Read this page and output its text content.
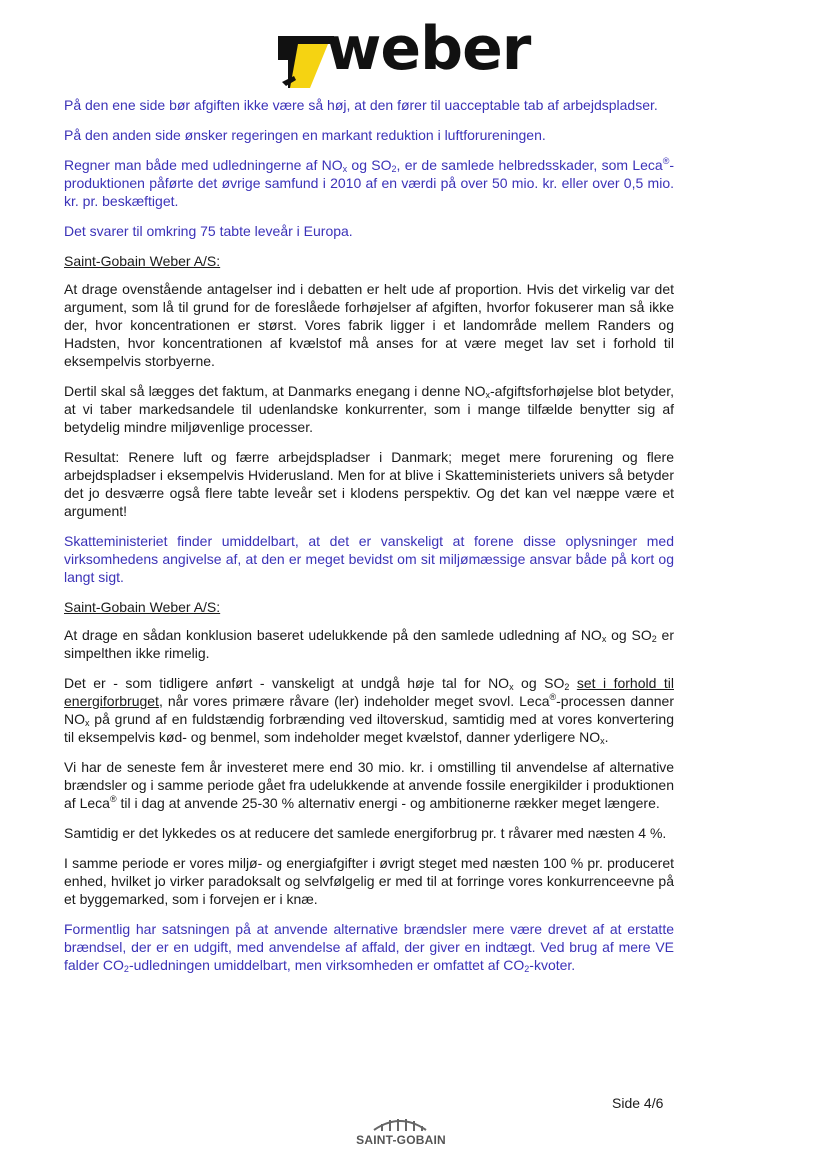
weber

På den ene side bør afgiften ikke være så høj, at den fører til uacceptable tab af arbejdspladser.

På den anden side ønsker regeringen en markant reduktion i luftforureningen.

Regner man både med udledningerne af $NO_x$ og $SO_2$, er de samlede helbredsskader, som Leca®-produktionen påførte det øvrige samfund i 2010 af en værdi på over 50 mio. kr. eller over 0,5 mio. kr. pr. beskæftiget.

Det svarer til omkring 75 tabte leveår i Europa.

Saint-Gobain Weber A/S:

At drage ovenstående antagelser ind i debatten er helt ude af proportion. Hvis det virkelig var det argument, som lå til grund for de foreslåede forhøjelser af afgiften, hvorfor fokuserer man så ikke der, hvor koncentrationen er størst. Vores fabrik ligger i et landområde mellem Randers og Hadsten, hvor koncentrationen af kvælstof må anses for at være meget lav set i forhold til eksempelvis storbyerne.

Dertil skal så lægges det faktum, at Danmarks enegang i denne $NO_x$-afgiftsforhøjelse blot betyder, at vi taber markedsandele til udenlandske konkurrenter, som i mange tilfælde benytter sig af betydelig mindre miljøvenlige processer.

Resultat: Renere luft og færre arbejdspladser i Danmark; meget mere forurening og flere arbejdspladser i eksempelvis Hviderusland. Men for at blive i Skatteministeriets univers så betyder det jo desværre også flere tabte leveår set i klodens perspektiv. Og det kan vel næppe være et argument!

Skatteministeriet finder umiddelbart, at det er vanskeligt at forene disse oplysninger med virksomhedens angivelse af, at den er meget bevidst om sit miljømæssige ansvar både på kort og langt sigt.

Saint-Gobain Weber A/S:

At drage en sådan konklusion baseret udelukkende på den samlede udledning af $NO_x$ og $SO_2$ er simpelthen ikke rimelig.

Det er - som tidligere anført - vanskeligt at undgå høje tal for $NO_x$ og $SO_2$ set i forhold til energiforbruget, når vores primære råvare (ler) indeholder meget svovl. Leca®-processen danner $NO_x$ på grund af en fuldstændig forbrænding ved iltoverskud, samtidig med at vores konvertering til eksempelvis kød- og benmel, som indeholder meget kvælstof, danner yderligere $NO_x$.

Vi har de seneste fem år investeret mere end 30 mio. kr. i omstilling til anvendelse af alternative brændsler og i samme periode gået fra udelukkende at anvende fossile energikilder i produktionen af Leca® til i dag at anvende 25-30 % alternativ energi - og ambitionerne rækker meget længere.

Samtidig er det lykkedes os at reducere det samlede energiforbrug pr. t råvarer med næsten 4 %.

I samme periode er vores miljø- og energiafgifter i øvrigt steget med næsten 100 % pr. produceret enhed, hvilket jo virker paradoksalt og selvfølgelig er med til at forringe vores konkurrenceevne på et byggemarked, som i forvejen er i knæ.

Formentlig har satsningen på at anvende alternative brændsler mere være drevet af at erstatte brændsel, der er en udgift, med anvendelse af affald, der giver en indtægt. Ved brug af mere VE falder $CO_2$-udledningen umiddelbart, men virksomheden er omfattet af $CO_2$-kvoter.

Side 4/6
SAINT-GOBAIN
